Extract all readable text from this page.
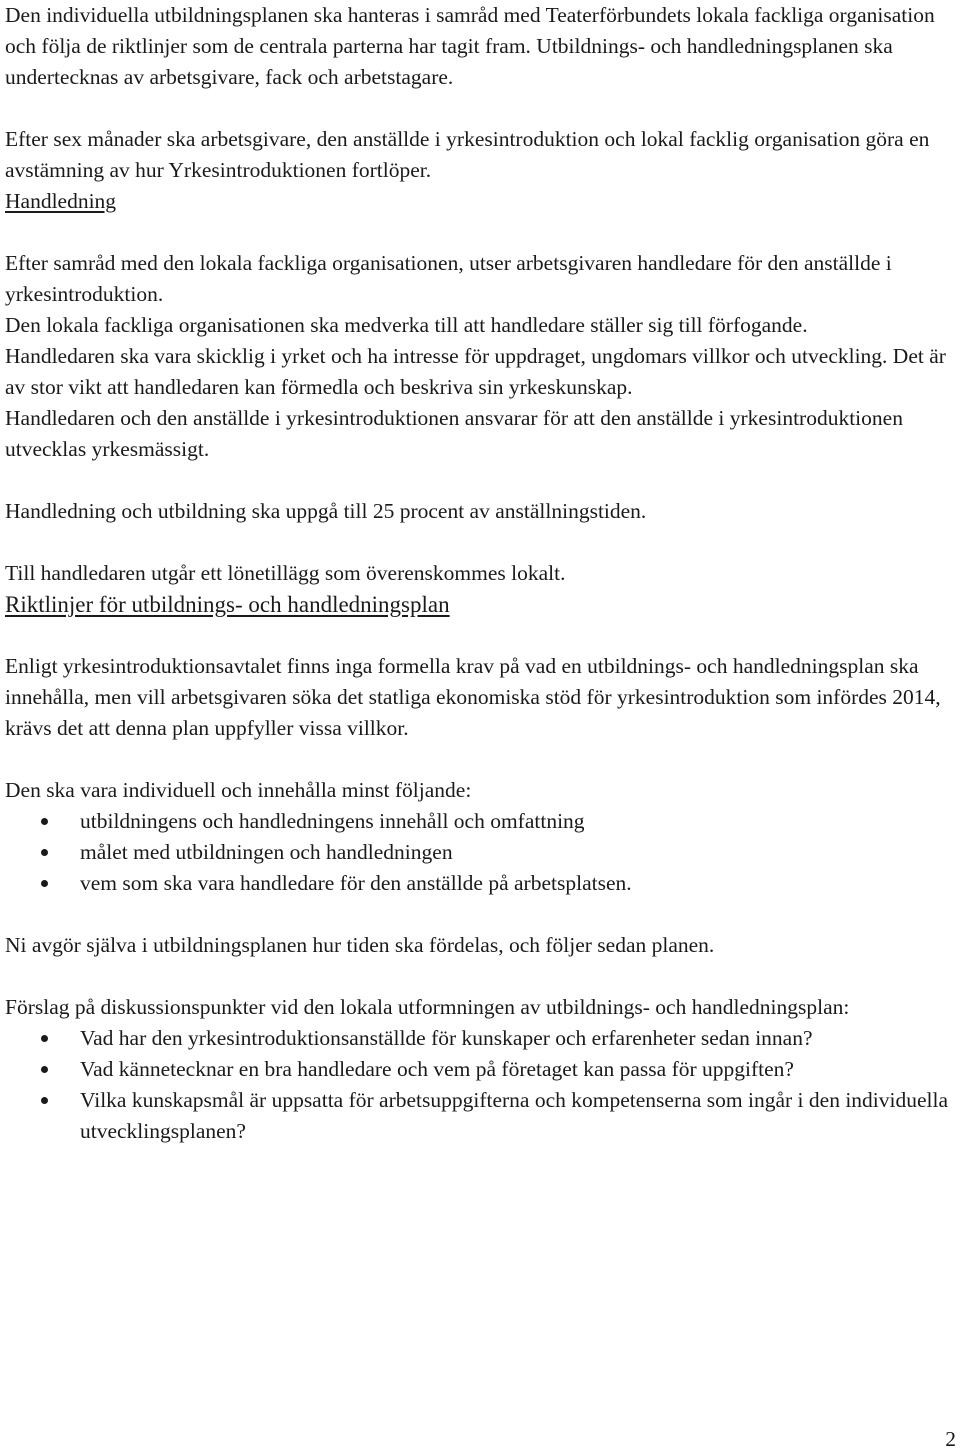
Den individuella utbildningsplanen ska hanteras i samråd med Teaterförbundets lokala fackliga organisation och följa de riktlinjer som de centrala parterna har tagit fram. Utbildnings- och handledningsplanen ska undertecknas av arbetsgivare, fack och arbetstagare.

Efter sex månader ska arbetsgivare, den anställde i yrkesintroduktion och lokal facklig organisation göra en avstämning av hur Yrkesintroduktionen fortlöper.

Handledning

Efter samråd med den lokala fackliga organisationen, utser arbetsgivaren handledare för den anställde i yrkesintroduktion.

Den lokala fackliga organisationen ska medverka till att handledare ställer sig till förfogande.

Handledaren ska vara skicklig i yrket och ha intresse för uppdraget, ungdomars villkor och utveckling. Det är av stor vikt att handledaren kan förmedla och beskriva sin yrkeskunskap.

Handledaren och den anställde i yrkesintroduktionen ansvarar för att den anställde i yrkesintroduktionen utvecklas yrkesmässigt.

Handledning och utbildning ska uppgå till 25 procent av anställningstiden.

Till handledaren utgår ett lönetillägg som överenskommes lokalt.

Riktlinjer för utbildnings- och handledningsplan

Enligt yrkesintroduktionsavtalet finns inga formella krav på vad en utbildnings- och handledningsplan ska innehålla, men vill arbetsgivaren söka det statliga ekonomiska stöd för yrkesintroduktion som infördes 2014, krävs det att denna plan uppfyller vissa villkor.

Den ska vara individuell och innehålla minst följande:

utbildningens och handledningens innehåll och omfattning
målet med utbildningen och handledningen
vem som ska vara handledare för den anställde på arbetsplatsen.

Ni avgör själva i utbildningsplanen hur tiden ska fördelas, och följer sedan planen.

Förslag på diskussionspunkter vid den lokala utformningen av utbildnings- och handledningsplan:

Vad har den yrkesintroduktionsanställde för kunskaper och erfarenheter sedan innan?
Vad kännetecknar en bra handledare och vem på företaget kan passa för uppgiften?
Vilka kunskapsmål är uppsatta för arbetsuppgifterna och kompetenserna som ingår i den individuella utvecklingsplanen?
2
